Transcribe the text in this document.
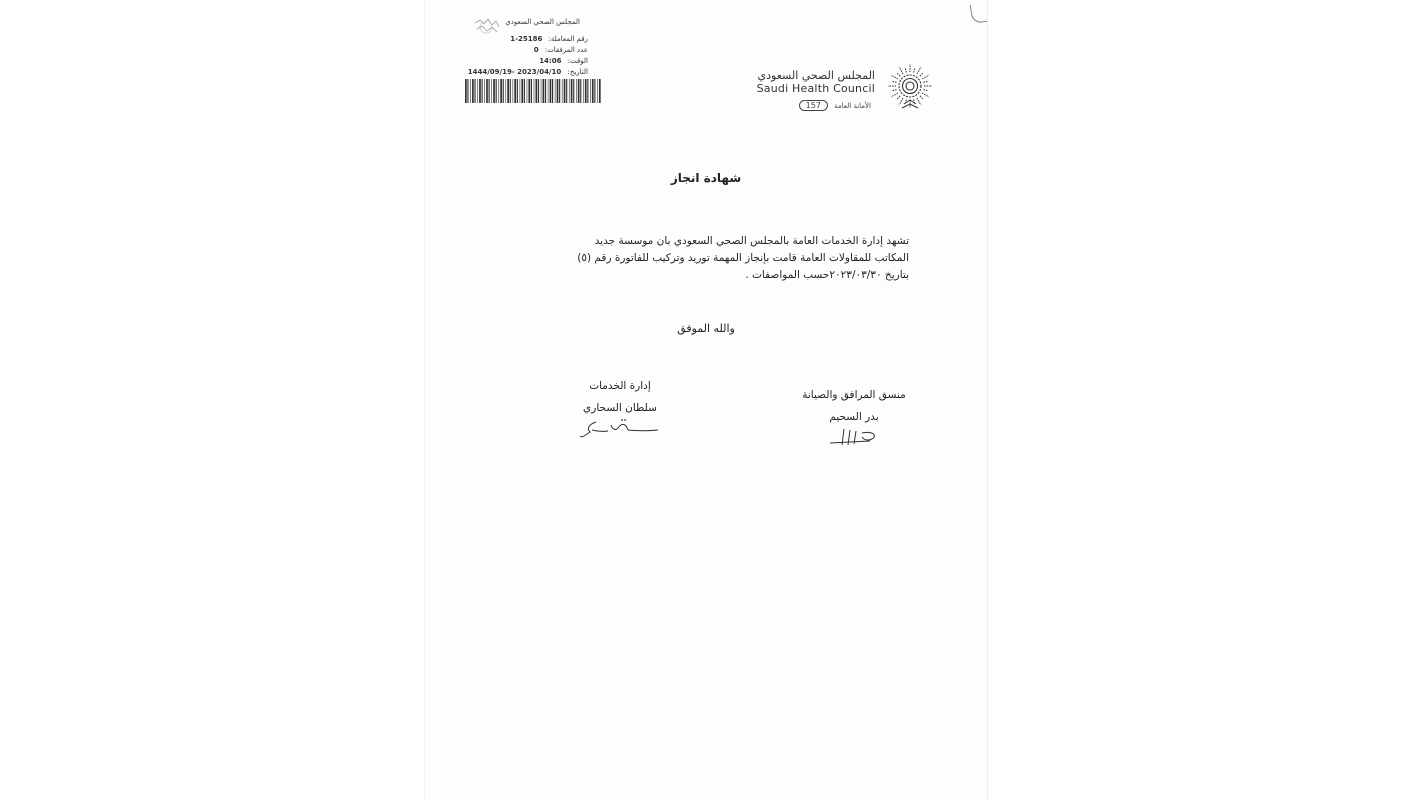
المجلس الصحي السعودي
رقم المعاملة: 25186-1
عدد المرفقات: 0
الوقت: 14:06
التاريخ: 2023/04/10 -1444/09/19	المجلس الصحي السعودي
Saudi Health Council
الأمانة العامة 157
شهادة انجاز
تشهد إدارة الخدمات العامة بالمجلس الصحي السعودي بان موسسة جديد المكاتب للمقاولات العامة قامت بإنجاز المهمة توريد وتركيب للفاتورة رقم (٥) بتاريخ ٢٠٢٣/٠٣/٣٠حسب المواصفات .
والله الموفق
إدارة الخدمات
سلطان السحاري
منسق المرافق والصيانة
بدر السحيم
